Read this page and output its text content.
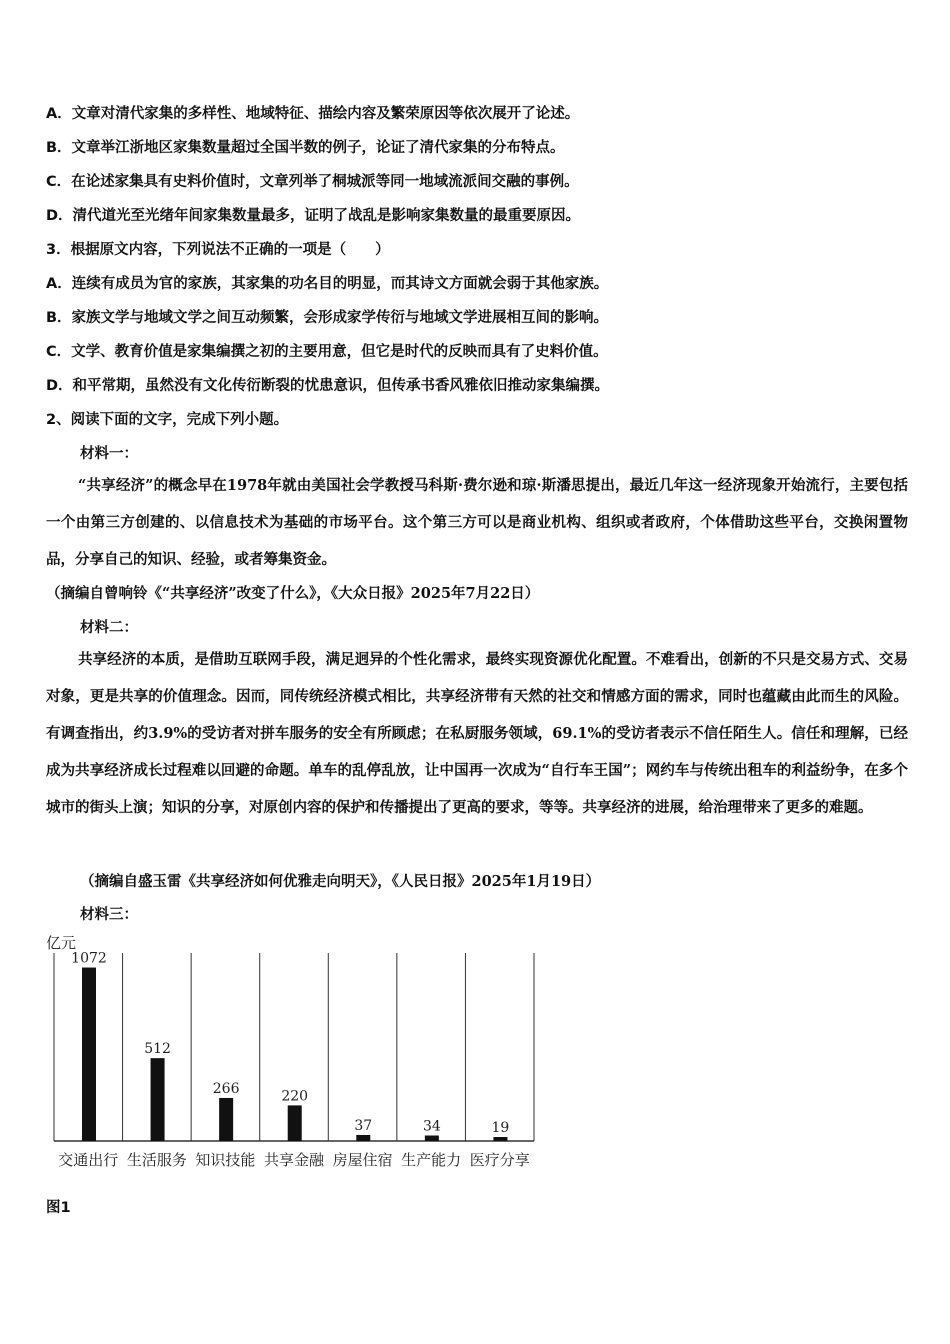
A．文章对清代家集的多样性、地域特征、描绘内容及繁荣原因等依次展开了论述。
B．文章举江浙地区家集数量超过全国半数的例子，论证了清代家集的分布特点。
C．在论述家集具有史料价值时，文章列举了桐城派等同一地域流派间交融的事例。
D．清代道光至光绪年间家集数量最多，证明了战乱是影响家集数量的最重要原因。
3．根据原文内容，下列说法不正确的一项是（　　）
A．连续有成员为官的家族，其家集的功名目的明显，而其诗文方面就会弱于其他家族。
B．家族文学与地域文学之间互动频繁，会形成家学传衍与地域文学进展相互间的影响。
C．文学、教育价值是家集编撰之初的主要用意，但它是时代的反映而具有了史料价值。
D．和平常期，虽然没有文化传衍断裂的忧患意识，但传承书香风雅依旧推动家集编撰。
2、阅读下面的文字，完成下列小题。
材料一：
“共享经济”的概念早在1978年就由美国社会学教授马科斯·费尔逊和琼·斯潘思提出，最近几年这一经济现象开始流行，主要包括一个由第三方创建的、以信息技术为基础的市场平台。这个第三方可以是商业机构、组织或者政府，个体借助这些平台，交换闲置物品，分享自己的知识、经验，或者筹集资金。
（摘编自曾响铃《“共享经济”改变了什么》，《大众日报》2025年7月22日）
材料二：
共享经济的本质，是借助互联网手段，满足迥异的个性化需求，最终实现资源优化配置。不难看出，创新的不只是交易方式、交易对象，更是共享的价值理念。因而，同传统经济模式相比，共享经济带有天然的社交和情感方面的需求，同时也蕴藏由此而生的风险。有调查指出，约3.9%的受访者对拼车服务的安全有所顾虑；在私厨服务领域，69.1%的受访者表示不信任陌生人。信任和理解，已经成为共享经济成长过程难以回避的命题。单车的乱停乱放，让中国再一次成为“自行车王国”；网约车与传统出租车的利益纷争，在多个城市的街头上演；知识的分享，对原创内容的保护和传播提出了更高的要求，等等。共享经济的进展，给治理带来了更多的难题。
（摘编自盛玉雷《共享经济如何优雅走向明天》，《人民日报》2025年1月19日）
材料三：
亿元
1072
512
266	220
37	34	19
交通出行 生活服务 知识技能 共享金融 房屋住宿 生产能力 医疗分享
图1
